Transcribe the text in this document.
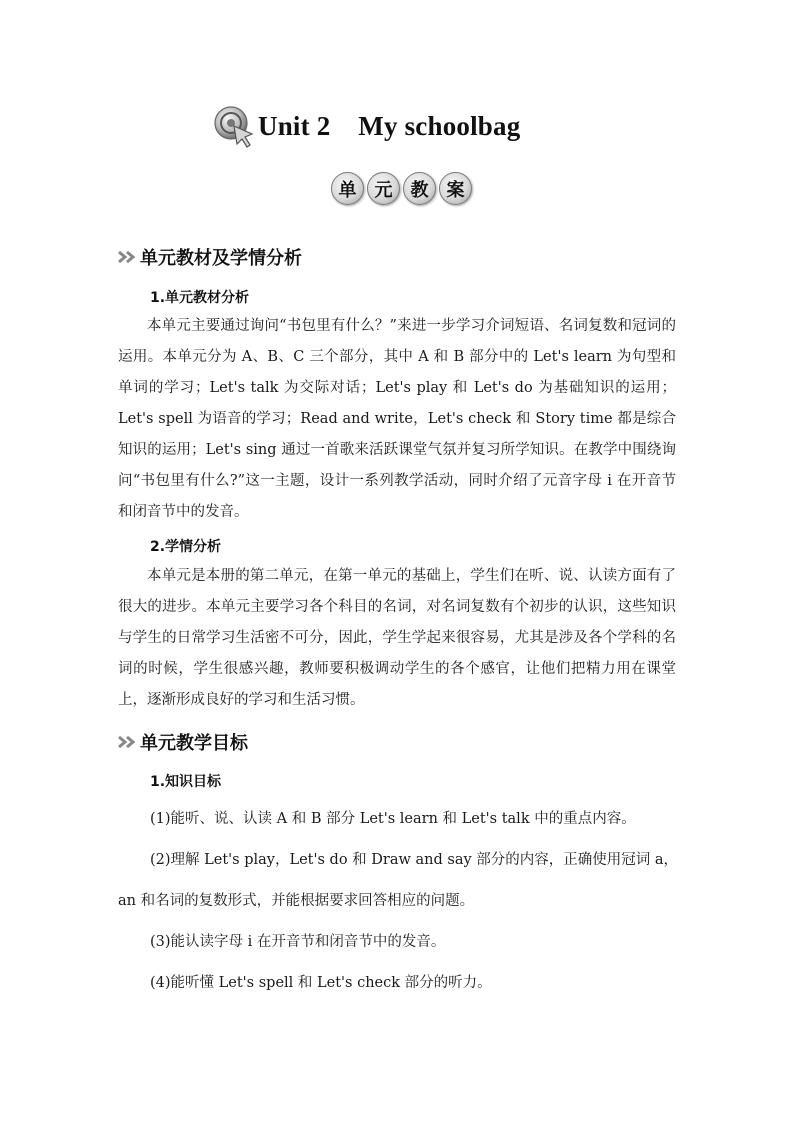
Unit 2    My schoolbag
单	元	教	案
单元教材及学情分析
1.单元教材分析

本单元主要通过询问“书包里有什么？”来进一步学习介词短语、名词复数和冠词的运用。本单元分为 A、B、C 三个部分，其中 A 和 B 部分中的 Let's learn 为句型和单词的学习；Let's talk 为交际对话；Let's play 和 Let's do 为基础知识的运用；Let's spell 为语音的学习；Read and write，Let's check 和 Story time 都是综合知识的运用；Let's sing 通过一首歌来活跃课堂气氛并复习所学知识。在教学中围绕询问“书包里有什么?”这一主题，设计一系列教学活动，同时介绍了元音字母 i 在开音节和闭音节中的发音。

2.学情分析

本单元是本册的第二单元，在第一单元的基础上，学生们在听、说、认读方面有了很大的进步。本单元主要学习各个科目的名词，对名词复数有个初步的认识，这些知识与学生的日常学习生活密不可分，因此，学生学起来很容易，尤其是涉及各个学科的名词的时候，学生很感兴趣，教师要积极调动学生的各个感官，让他们把精力用在课堂上，逐渐形成良好的学习和生活习惯。

单元教学目标
1.知识目标
(1)能听、说、认读 A 和 B 部分 Let's learn 和 Let's talk 中的重点内容。
(2)理解 Let's play，Let's do 和 Draw and say 部分的内容，正确使用冠词 a，
an 和名词的复数形式，并能根据要求回答相应的问题。
(3)能认读字母 i 在开音节和闭音节中的发音。
(4)能听懂 Let's spell 和 Let's check 部分的听力。
